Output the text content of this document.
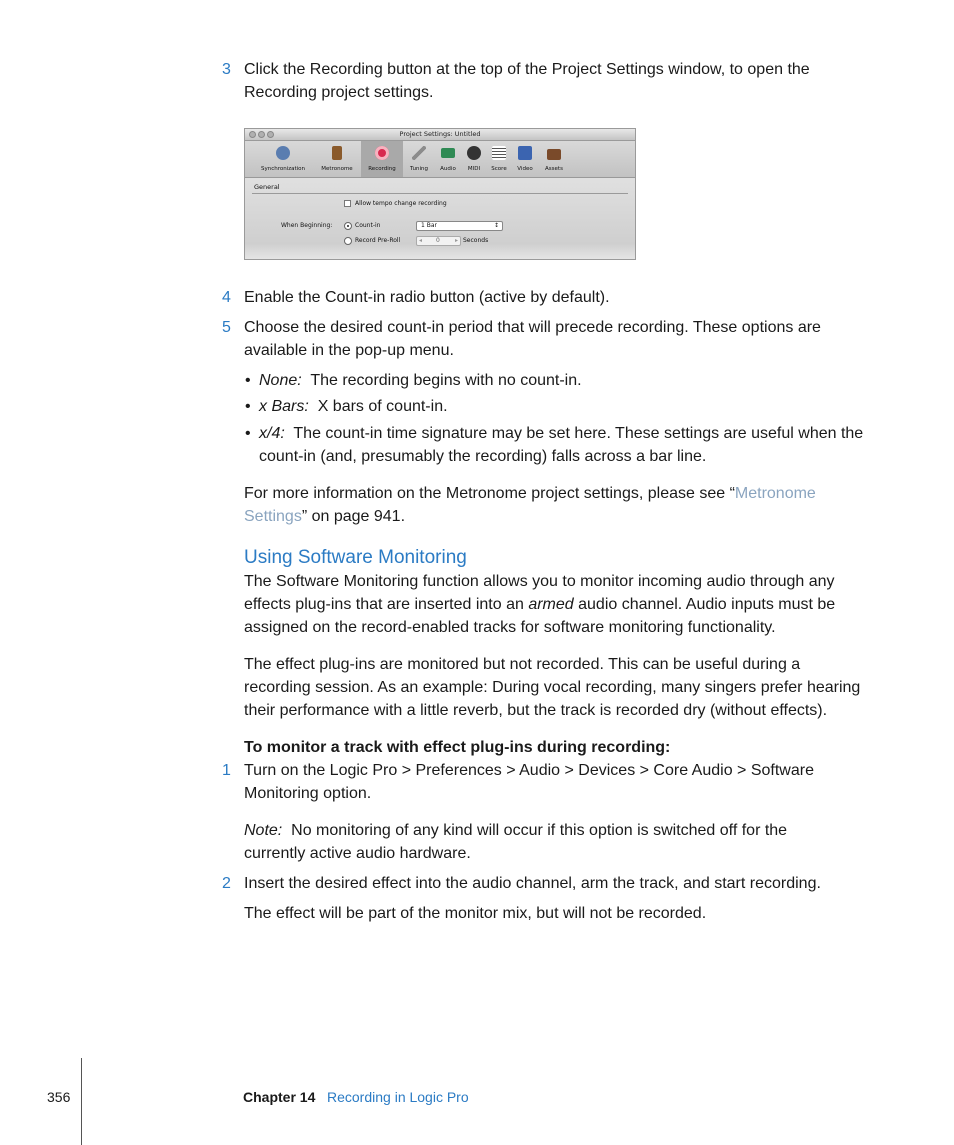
3 Click the Recording button at the top of the Project Settings window, to open the
Recording project settings.
Project Settings: Untitled
Synchronization	Metronome	Recording	Tuning	Audio	MIDI	Score	Video	Assets
General
Allow tempo change recording
When Beginning:	Count-in	1 Bar	↕
Record Pre-Roll	◂ 0	▸ Seconds
4 Enable the Count-in radio button (active by default).
5 Choose the desired count-in period that will precede recording. These options are
available in the pop-up menu.
• None: The recording begins with no count-in.
• x Bars: X bars of count-in.
• x/4: The count-in time signature may be set here. These settings are useful when the
count-in (and, presumably the recording) falls across a bar line.
For more information on the Metronome project settings, please see “Metronome
Settings” on page 941.
Using Software Monitoring
The Software Monitoring function allows you to monitor incoming audio through any
effects plug-ins that are inserted into an armed audio channel. Audio inputs must be
assigned on the record-enabled tracks for software monitoring functionality.
The effect plug-ins are monitored but not recorded. This can be useful during a
recording session. As an example: During vocal recording, many singers prefer hearing
their performance with a little reverb, but the track is recorded dry (without effects).
To monitor a track with effect plug-ins during recording:
1 Turn on the Logic Pro > Preferences > Audio > Devices > Core Audio > Software
Monitoring option.
Note: No monitoring of any kind will occur if this option is switched off for the
currently active audio hardware.
2 Insert the desired effect into the audio channel, arm the track, and start recording.
The effect will be part of the monitor mix, but will not be recorded.
356	Chapter 14 Recording in Logic Pro
